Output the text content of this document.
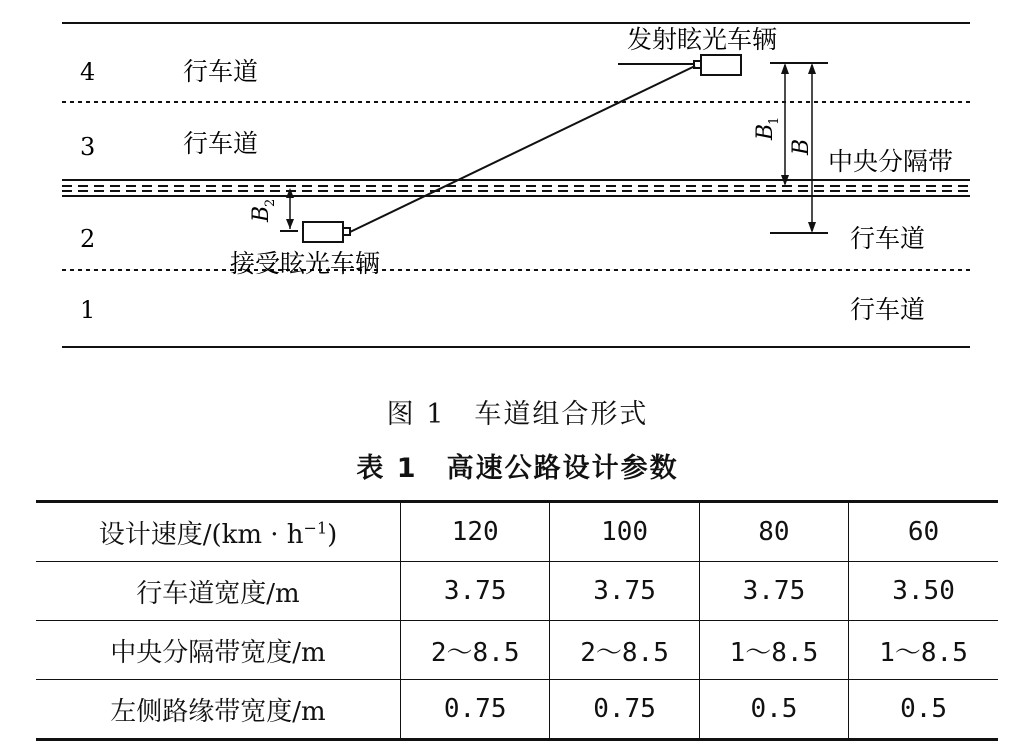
4	行车道
3	行车道
2	行车道
1	行车道
中央分隔带
发射眩光车辆
接受眩光车辆
B
2
B
1
B
图 1　车道组合形式
表 1　高速公路设计参数
设计速度$/(km \cdot h^{-1})$	120	100	80	60
行车道宽度/m	3.75	3.75	3.75	3.50
中央分隔带宽度/m	2～8.5	2～8.5	1～8.5	1～8.5
左侧路缘带宽度/m	0.75	0.75	0.5	0.5
